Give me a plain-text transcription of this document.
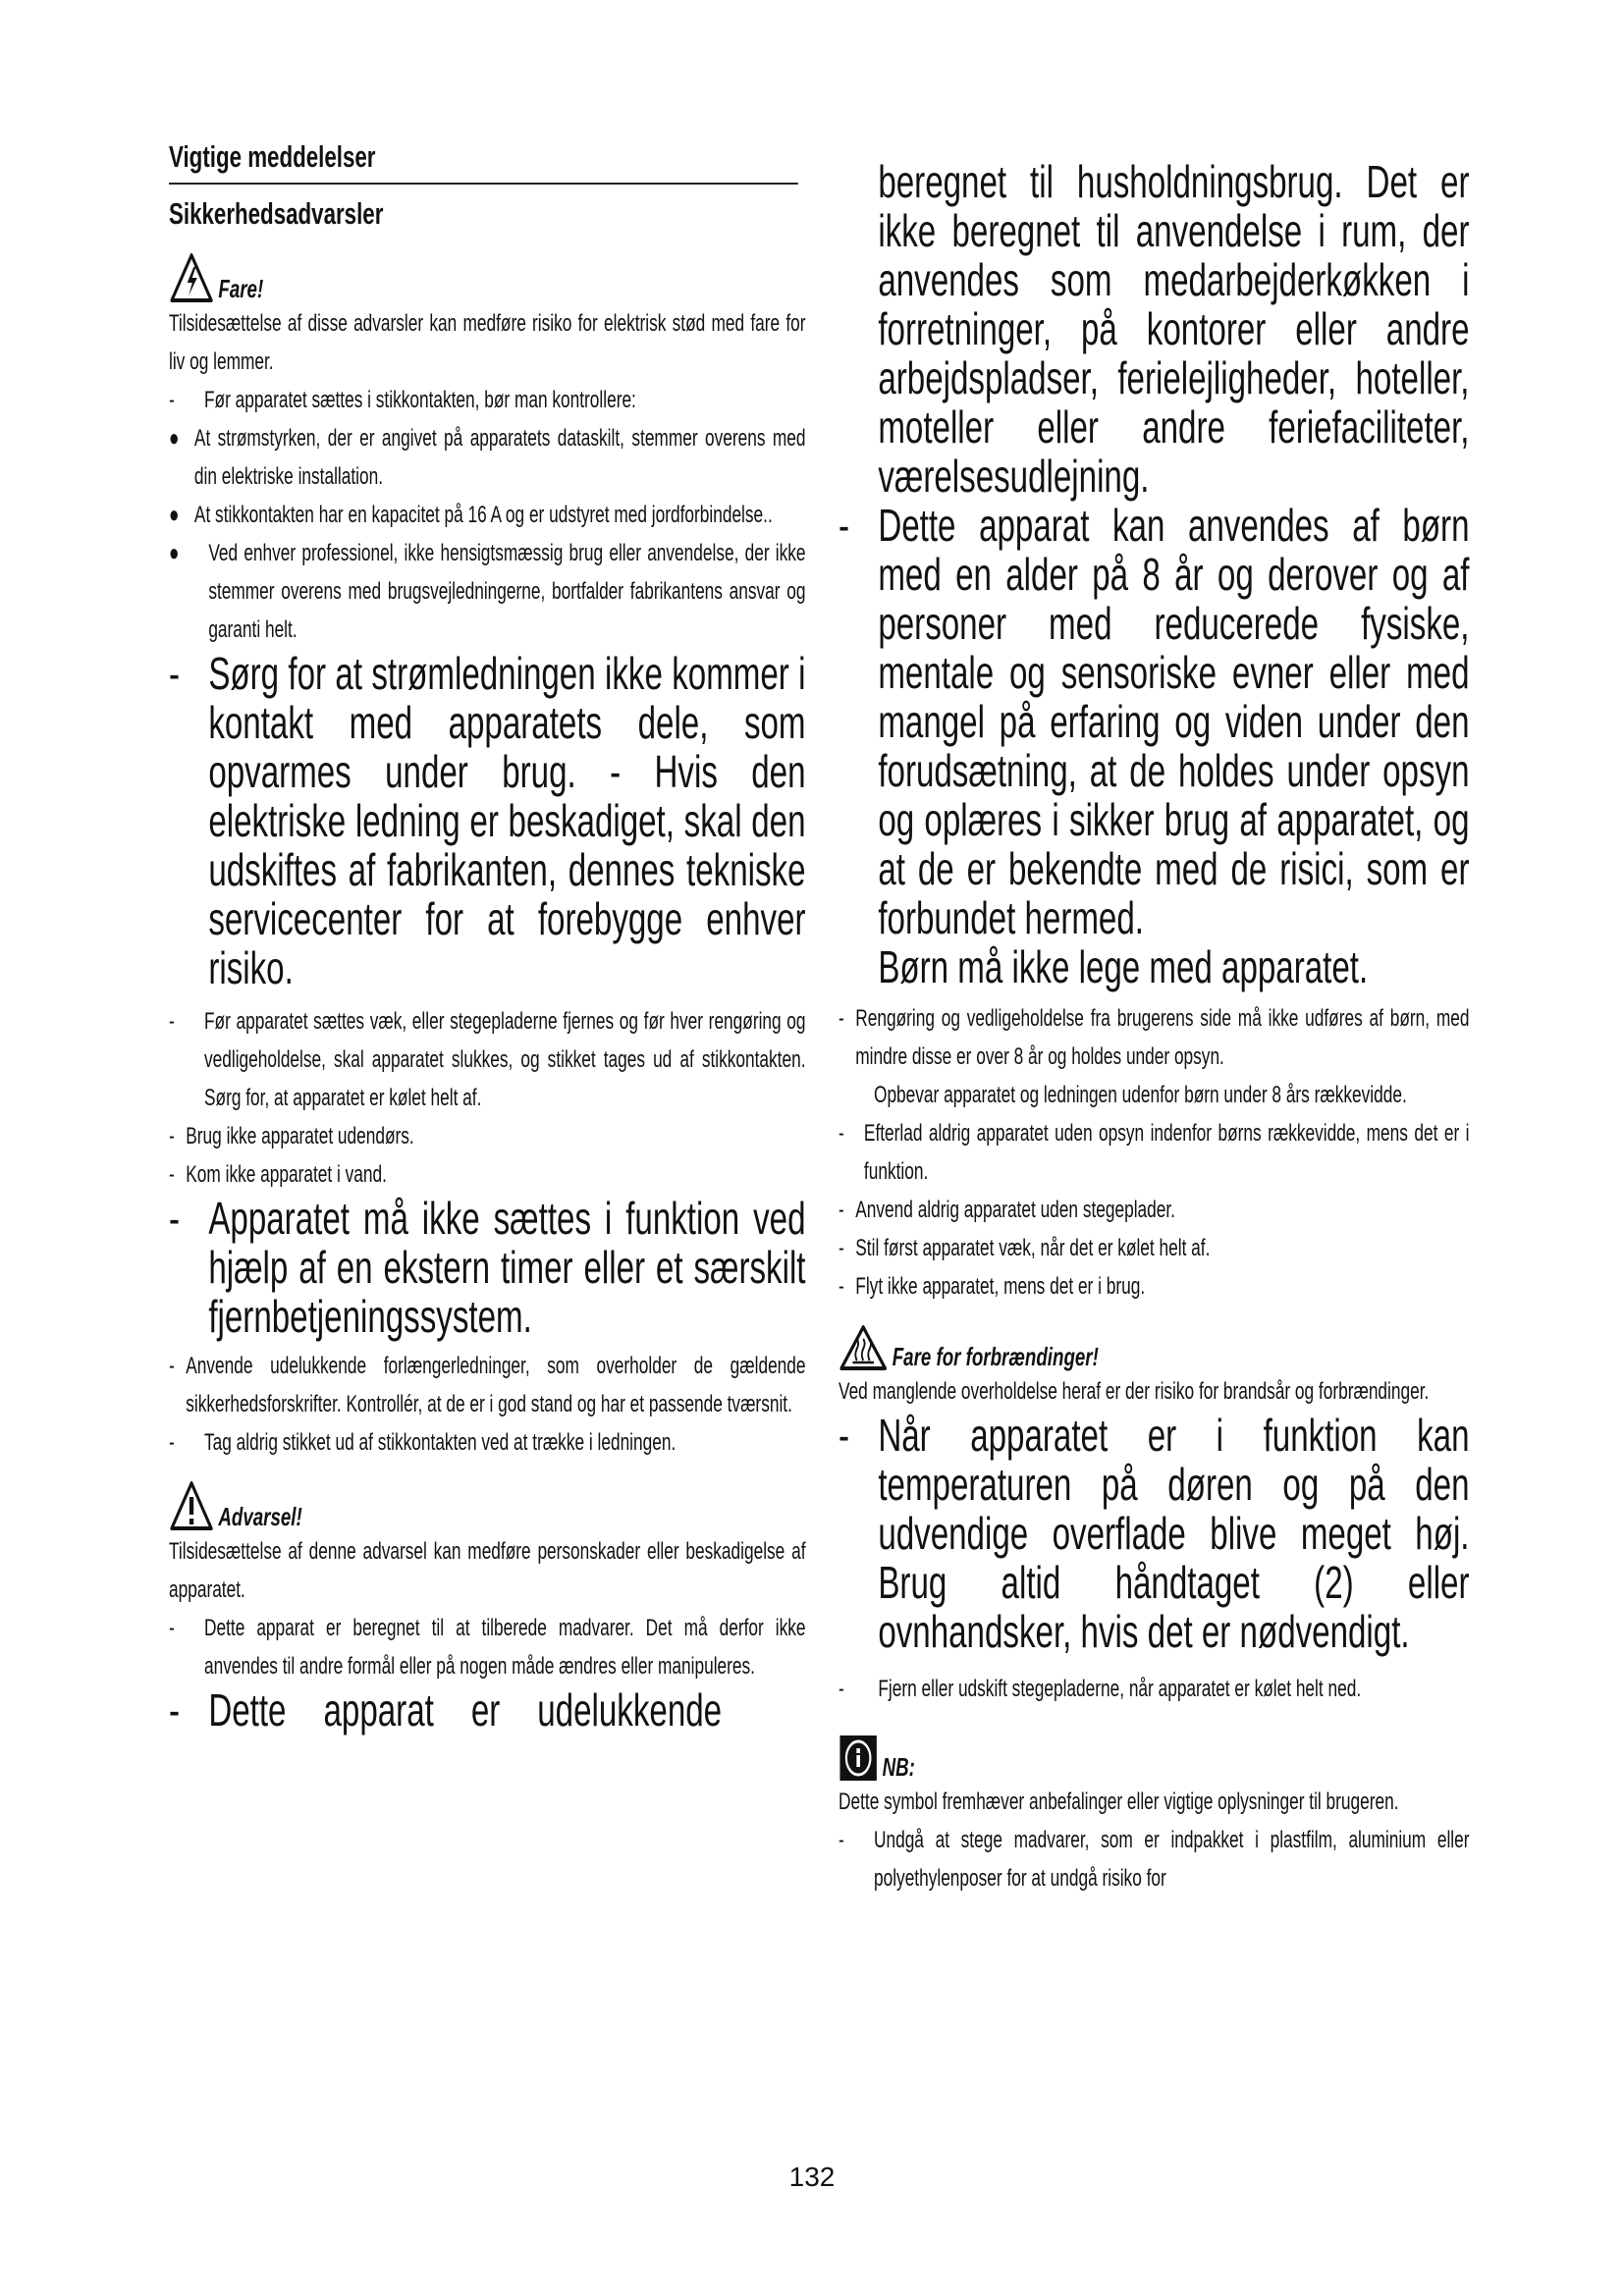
Vigtige meddelelser
Sikkerhedsadvarsler
Fare!
Tilsidesættelse af disse advarsler kan medføre risiko for elektrisk stød med fare for liv og lemmer.
- Før apparatet sættes i stikkontakten, bør man kontrollere:
● At strømstyrken, der er angivet på apparatets dataskilt, stemmer overens med din elektriske installation.
● At stikkontakten har en kapacitet på 16 A og er udstyret med jordforbindelse..
● Ved enhver professionel, ikke hensigtsmæssig brug eller anvendelse, der ikke stemmer overens med brugsvejledningerne, bortfalder fabrikantens ansvar og garanti helt.
- Sørg for at strømledningen ikke kommer i kontakt med apparatets dele, som opvarmes under brug. - Hvis den elektriske ledning er beskadiget, skal den udskiftes af fabrikanten, dennes tekniske servicecenter for at forebygge enhver risiko.
- Før apparatet sættes væk, eller stegepladerne fjernes og før hver rengøring og vedligeholdelse, skal apparatet slukkes, og stikket tages ud af stikkontakten. Sørg for, at apparatet er kølet helt af.
- Brug ikke apparatet udendørs.
- Kom ikke apparatet i vand.
- Apparatet må ikke sættes i funktion ved hjælp af en ekstern timer eller et særskilt fjernbetjeningssystem.
- Anvende udelukkende forlængerledninger, som overholder de gældende sikkerhedsforskrifter. Kontrollér, at de er i god stand og har et passende tværsnit.
- Tag aldrig stikket ud af stikkontakten ved at trække i ledningen.
Advarsel!
Tilsidesættelse af denne advarsel kan medføre personskader eller beskadigelse af apparatet.
- Dette apparat er beregnet til at tilberede madvarer. Det må derfor ikke anvendes til andre formål eller på nogen måde ændres eller manipuleres.
- Dette apparat er udelukkende
beregnet til husholdningsbrug. Det er ikke beregnet til anvendelse i rum, der anvendes som medarbejderkøkken i forretninger, på kontorer eller andre arbejdspladser, ferielejligheder, hoteller, moteller eller andre feriefaciliteter, værelsesudlejning.
- Dette apparat kan anvendes af børn med en alder på 8 år og derover og af personer med reducerede fysiske, mentale og sensoriske evner eller med mangel på erfaring og viden under den forudsætning, at de holdes under opsyn og oplæres i sikker brug af apparatet, og at de er bekendte med de risici, som er forbundet hermed.
Børn må ikke lege med apparatet.
- Rengøring og vedligeholdelse fra brugerens side må ikke udføres af børn, med mindre disse er over 8 år og holdes under opsyn.
Opbevar apparatet og ledningen udenfor børn under 8 års rækkevidde.
- Efterlad aldrig apparatet uden opsyn indenfor børns rækkevidde, mens det er i funktion.
- Anvend aldrig apparatet uden stegeplader.
- Stil først apparatet væk, når det er kølet helt af.
- Flyt ikke apparatet, mens det er i brug.
Fare for forbrændinger!
Ved manglende overholdelse heraf er der risiko for brandsår og forbrændinger.
- Når apparatet er i funktion kan temperaturen på døren og på den udvendige overflade blive meget høj. Brug altid håndtaget (2) eller ovnhandsker, hvis det er nødvendigt.
- Fjern eller udskift stegepladerne, når apparatet er kølet helt ned.
NB:
Dette symbol fremhæver anbefalinger eller vigtige oplysninger til brugeren.
- Undgå at stege madvarer, som er indpakket i plastfilm, aluminium eller polyethylenposer for at undgå risiko for
132
